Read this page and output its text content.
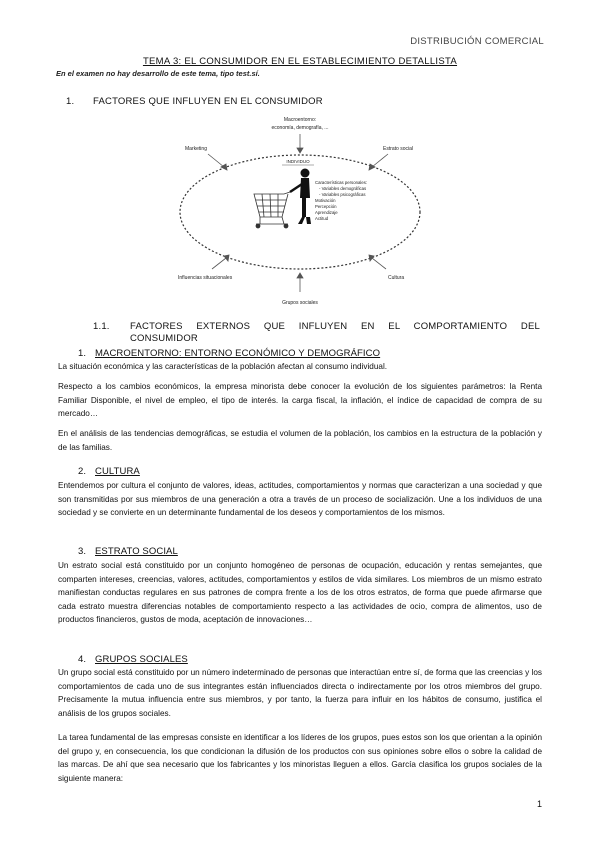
DISTRIBUCIÓN COMERCIAL
TEMA 3: EL CONSUMIDOR EN EL ESTABLECIMIENTO DETALLISTA
En el examen no hay desarrollo de este tema, tipo test.sí.
1. FACTORES QUE INFLUYEN EN EL CONSUMIDOR
Macroentorno:
economía, demografía, ...
Marketing	Estrato social
INDIVIDUO
Características personales:
- Variables demográficas
- Variables psicográficas
Motivación
Percepción
Aprendizaje
Actitud
Influencias situacionales	Cultura
Grupos sociales
1.1. FACTORES EXTERNOS QUE INFLUYEN EN EL COMPORTAMIENTO DEL
CONSUMIDOR
1. MACROENTORNO: ENTORNO ECONÓMICO Y DEMOGRÁFICO
La situación económica y las características de la población afectan al consumo individual.
Respecto a los cambios económicos, la empresa minorista debe conocer la evolución de los siguientes parámetros: la Renta Familiar Disponible, el nivel de empleo, el tipo de interés. la carga fiscal, la inflación, el índice de capacidad de compra de su mercado…
En el análisis de las tendencias demográficas, se estudia el volumen de la población, los cambios en la estructura de la población y de las familias.
2. CULTURA
Entendemos por cultura el conjunto de valores, ideas, actitudes, comportamientos y normas que caracterizan a una sociedad y que son transmitidas por sus miembros de una generación a otra a través de un proceso de socialización. Une a los individuos de una sociedad y se convierte en un determinante fundamental de los deseos y comportamientos de los mismos.
3. ESTRATO SOCIAL
Un estrato social está constituido por un conjunto homogéneo de personas de ocupación, educación y rentas semejantes, que comparten intereses, creencias, valores, actitudes, comportamientos y estilos de vida similares. Los miembros de un mismo estrato manifiestan conductas regulares en sus patrones de compra frente a los de los otros estratos, de forma que puede afirmarse que cada estrato muestra diferencias notables de comportamiento respecto a las actividades de ocio, compra de alimentos, uso de productos financieros, gustos de moda, aceptación de innovaciones…
4. GRUPOS SOCIALES
Un grupo social está constituido por un número indeterminado de personas que interactúan entre sí, de forma que las creencias y los comportamientos de cada uno de sus integrantes están influenciados directa o indirectamente por los otros miembros del grupo. Precisamente la mutua influencia entre sus miembros, y por tanto, la fuerza para influir en los hábitos de consumo, justifica el análisis de los grupos sociales.
La tarea fundamental de las empresas consiste en identificar a los líderes de los grupos, pues estos son los que orientan a la opinión del grupo y, en consecuencia, los que condicionan la difusión de los productos con sus opiniones sobre ellos o sobre la calidad de las marcas. De ahí que sea necesario que los fabricantes y los minoristas lleguen a ellos. García clasifica los grupos sociales de la siguiente manera:
1
